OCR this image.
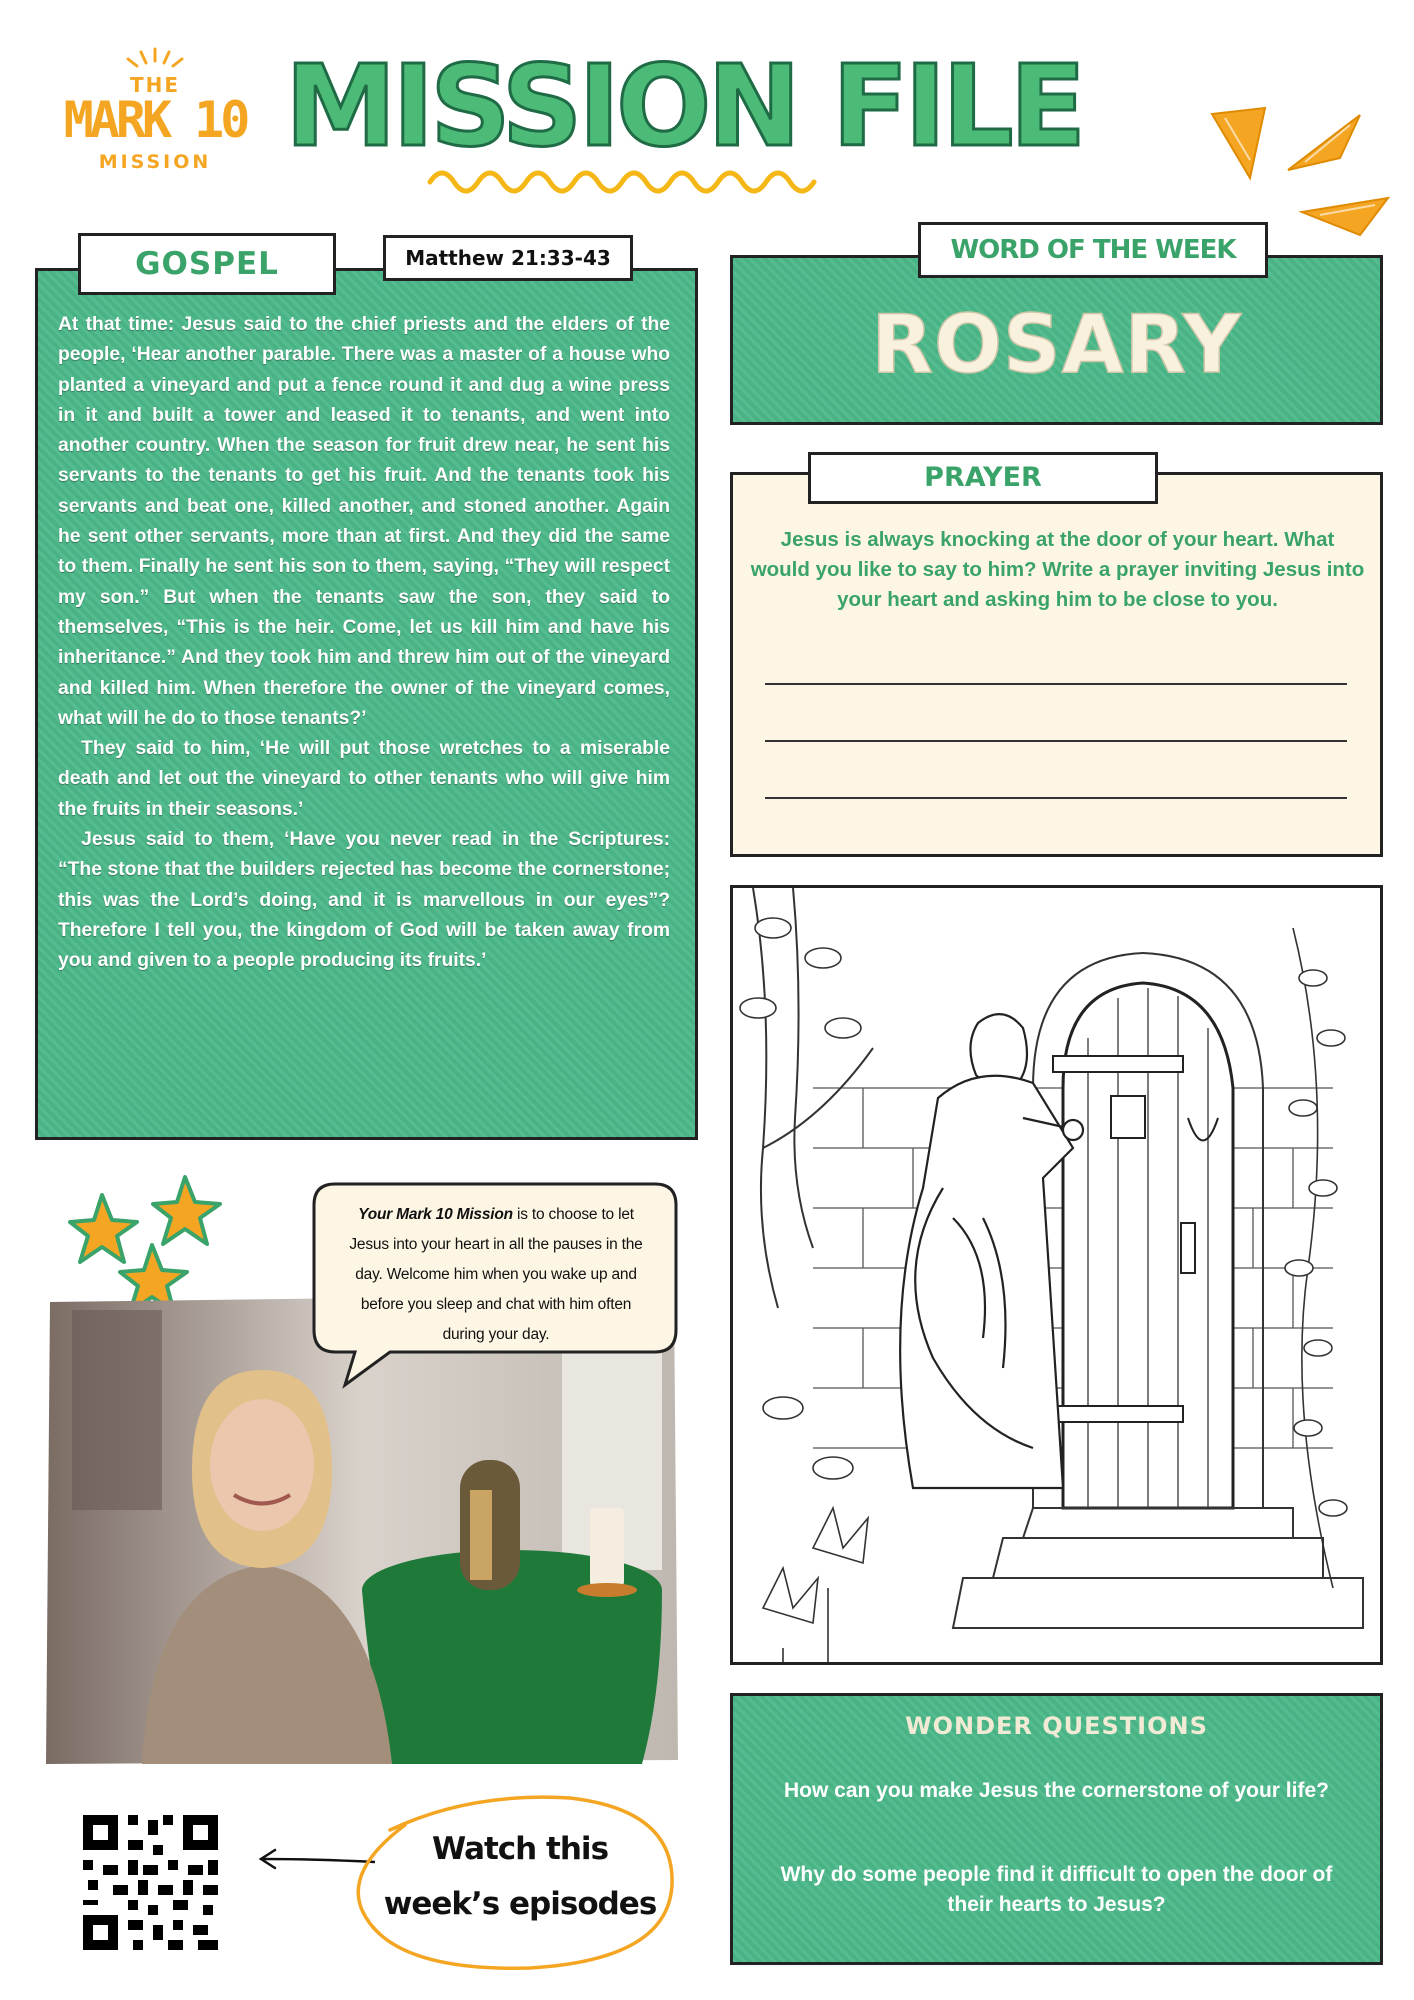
THE
MARK 10
MISSION MISSION FILE
GOSPEL	Matthew 21:33-43

At that time: Jesus said to the chief priests and the elders of the people, ‘Hear another parable. There was a master of a house who planted a vineyard and put a fence round it and dug a wine press in it and built a tower and leased it to tenants, and went into another country. When the season for fruit drew near, he sent his servants to the tenants to get his fruit. And the tenants took his servants and beat one, killed another, and stoned another. Again he sent other servants, more than at first. And they did the same to them. Finally he sent his son to them, saying, “They will respect my son.” But when the tenants saw the son, they said to themselves, “This is the heir. Come, let us kill him and have his inheritance.” And they took him and threw him out of the vineyard and killed him. When therefore the owner of the vineyard comes, what will he do to those tenants?’

They said to him, ‘He will put those wretches to a miserable death and let out the vineyard to other tenants who will give him the fruits in their seasons.’

Jesus said to them, ‘Have you never read in the Scriptures: “The stone that the builders rejected has become the cornerstone; this was the Lord’s doing, and it is marvellous in our eyes”? Therefore I tell you, the kingdom of God will be taken away from you and given to a people producing its fruits.’

WORD OF THE WEEK
ROSARY
PRAYER

Jesus is always knocking at the door of your heart. What would you like to say to him? Write a prayer inviting Jesus into your heart and asking him to be close to you.

WONDER QUESTIONS

How can you make Jesus the cornerstone of your life?

Why do some people find it difficult to open the door of their hearts to Jesus?

Your Mark 10 Mission is to choose to let Jesus into your heart in all the pauses in the day. Welcome him when you wake up and before you sleep and chat with him often during your day.

Watch this
week’s episodes
